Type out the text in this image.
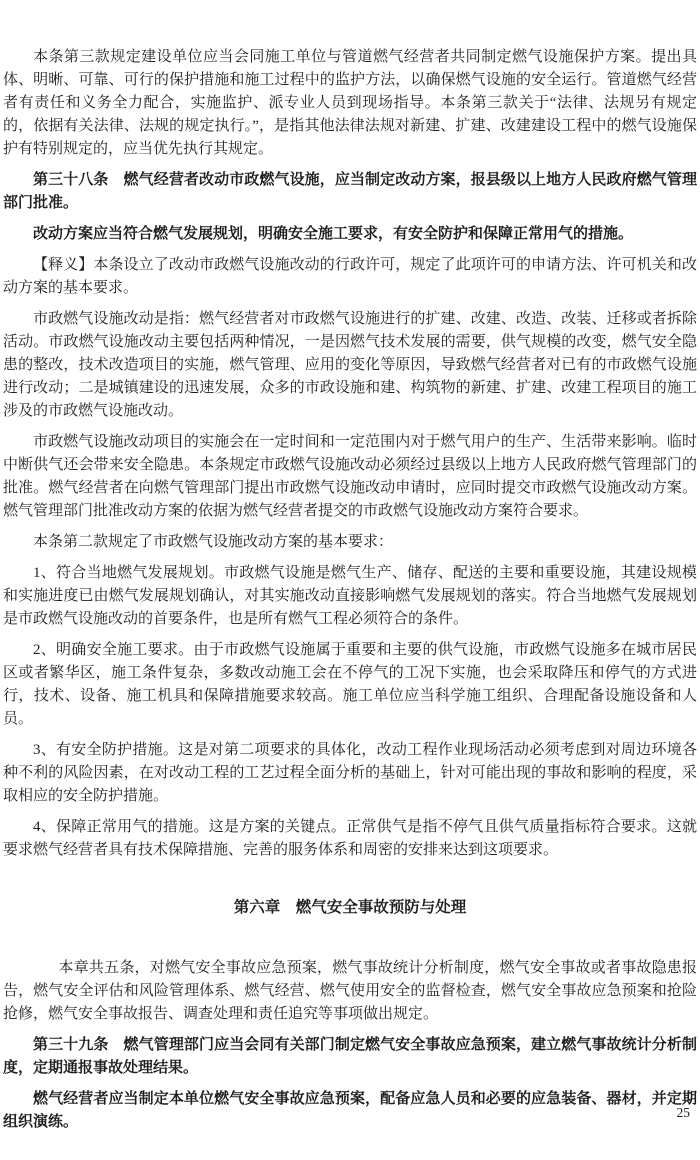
本条第三款规定建设单位应当会同施工单位与管道燃气经营者共同制定燃气设施保护方案。提出具体、明晰、可靠、可行的保护措施和施工过程中的监护方法，以确保燃气设施的安全运行。管道燃气经营者有责任和义务全力配合，实施监护、派专业人员到现场指导。本条第三款关于“法律、法规另有规定的，依据有关法律、法规的规定执行。”，是指其他法律法规对新建、扩建、改建建设工程中的燃气设施保护有特别规定的，应当优先执行其规定。

第三十八条　燃气经营者改动市政燃气设施，应当制定改动方案，报县级以上地方人民政府燃气管理部门批准。

改动方案应当符合燃气发展规划，明确安全施工要求，有安全防护和保障正常用气的措施。

【释义】本条设立了改动市政燃气设施改动的行政许可，规定了此项许可的申请方法、许可机关和改动方案的基本要求。

市政燃气设施改动是指：燃气经营者对市政燃气设施进行的扩建、改建、改造、改装、迁移或者拆除活动。市政燃气设施改动主要包括两种情况，一是因燃气技术发展的需要，供气规模的改变，燃气安全隐患的整改，技术改造项目的实施，燃气管理、应用的变化等原因，导致燃气经营者对已有的市政燃气设施进行改动；二是城镇建设的迅速发展，众多的市政设施和建、构筑物的新建、扩建、改建工程项目的施工涉及的市政燃气设施改动。

市政燃气设施改动项目的实施会在一定时间和一定范围内对于燃气用户的生产、生活带来影响。临时中断供气还会带来安全隐患。本条规定市政燃气设施改动必须经过县级以上地方人民政府燃气管理部门的批准。燃气经营者在向燃气管理部门提出市政燃气设施改动申请时，应同时提交市政燃气设施改动方案。燃气管理部门批准改动方案的依据为燃气经营者提交的市政燃气设施改动方案符合要求。

本条第二款规定了市政燃气设施改动方案的基本要求：

1、符合当地燃气发展规划。市政燃气设施是燃气生产、储存、配送的主要和重要设施，其建设规模和实施进度已由燃气发展规划确认，对其实施改动直接影响燃气发展规划的落实。符合当地燃气发展规划是市政燃气设施改动的首要条件，也是所有燃气工程必须符合的条件。

2、明确安全施工要求。由于市政燃气设施属于重要和主要的供气设施，市政燃气设施多在城市居民区或者繁华区，施工条件复杂，多数改动施工会在不停气的工况下实施，也会采取降压和停气的方式进行，技术、设备、施工机具和保障措施要求较高。施工单位应当科学施工组织、合理配备设施设备和人员。

3、有安全防护措施。这是对第二项要求的具体化，改动工程作业现场活动必须考虑到对周边环境各种不利的风险因素，在对改动工程的工艺过程全面分析的基础上，针对可能出现的事故和影响的程度，采取相应的安全防护措施。

4、保障正常用气的措施。这是方案的关键点。正常供气是指不停气且供气质量指标符合要求。这就要求燃气经营者具有技术保障措施、完善的服务体系和周密的安排来达到这项要求。

第六章　燃气安全事故预防与处理

本章共五条，对燃气安全事故应急预案，燃气事故统计分析制度，燃气安全事故或者事故隐患报告，燃气安全评估和风险管理体系、燃气经营、燃气使用安全的监督检查，燃气安全事故应急预案和抢险抢修，燃气安全事故报告、调查处理和责任追究等事项做出规定。

第三十九条　燃气管理部门应当会同有关部门制定燃气安全事故应急预案，建立燃气事故统计分析制度，定期通报事故处理结果。

燃气经营者应当制定本单位燃气安全事故应急预案，配备应急人员和必要的应急装备、器材，并定期组织演练。

25
